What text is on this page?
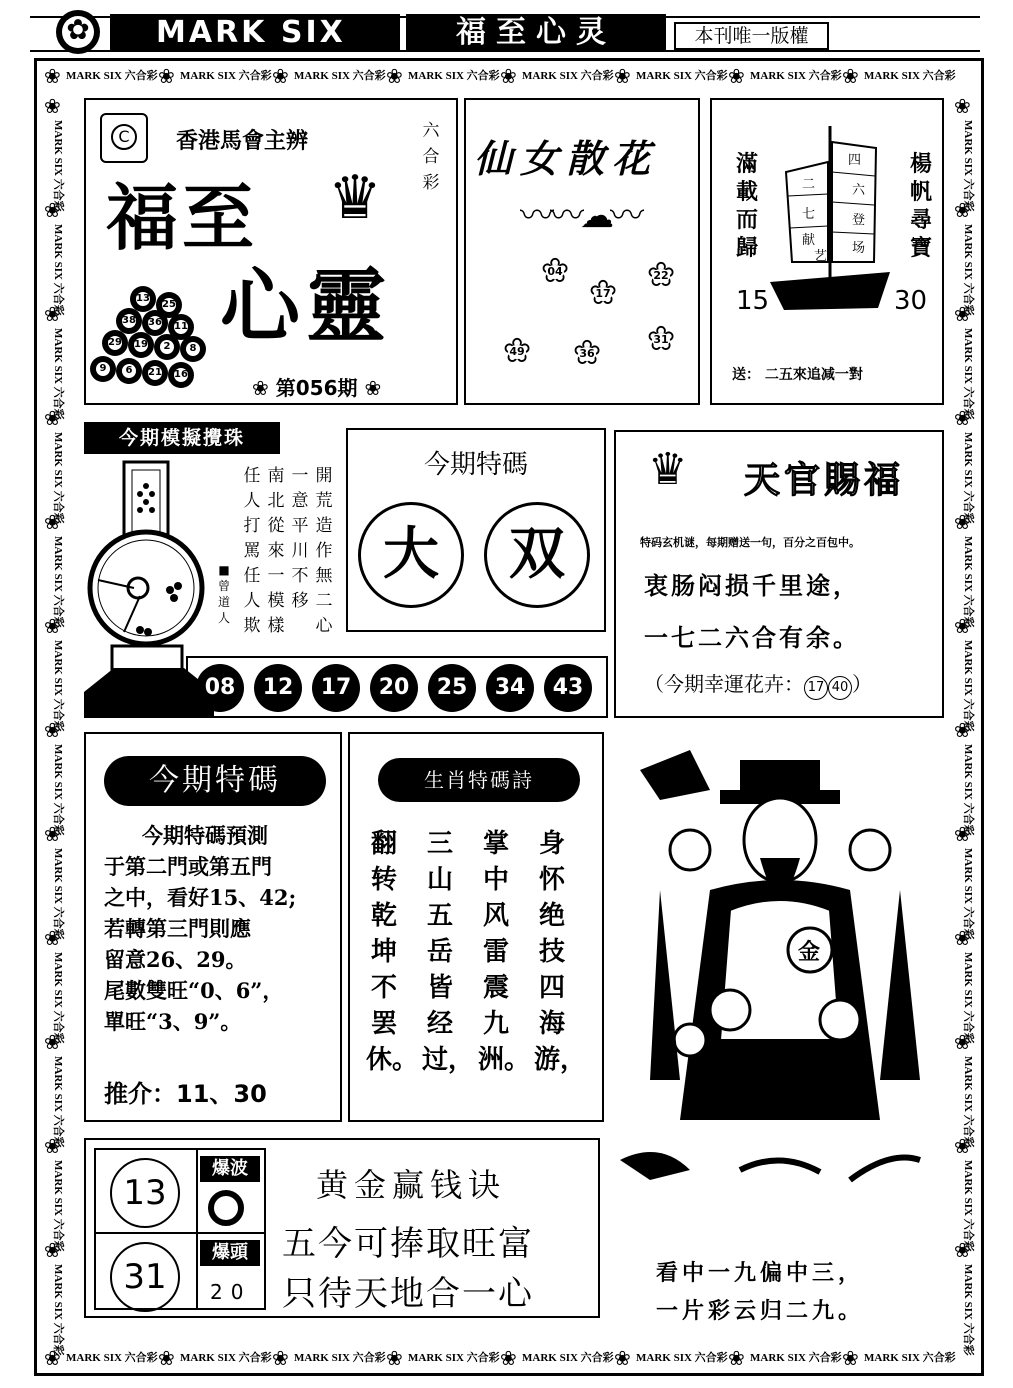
MARK SIX ✿	福至心灵	本刊唯一版權
❀ MARK SIX 六合彩
❀ MARK SIX 六合彩
❀ MARK SIX 六合彩
❀ MARK SIX 六合彩
❀ MARK SIX 六合彩
❀ MARK SIX 六合彩
❀ MARK SIX 六合彩
❀ MARK SIX 六合彩
❀ MARK SIX 六合彩
❀ MARK SIX 六合彩
❀ MARK SIX 六合彩
❀ MARK SIX 六合彩
❀ MARK SIX 六合彩
❀ MARK SIX 六合彩
❀ MARK SIX 六合彩
❀ MARK SIX 六合彩
❀
MARK SIX 六合彩
❀
MARK SIX 六合彩
❀
MARK SIX 六合彩
❀
MARK SIX 六合彩
❀
MARK SIX 六合彩
❀
MARK SIX 六合彩
❀
MARK SIX 六合彩
❀
MARK SIX 六合彩
❀
MARK SIX 六合彩
❀
MARK SIX 六合彩
❀
MARK SIX 六合彩
❀
MARK SIX 六合彩
❀
MARK SIX 六合彩
❀
MARK SIX 六合彩
❀
MARK SIX 六合彩
❀
MARK SIX 六合彩
❀
MARK SIX 六合彩
❀
MARK SIX 六合彩
❀
MARK SIX 六合彩
❀
MARK SIX 六合彩
❀
MARK SIX 六合彩
❀
MARK SIX 六合彩
❀
MARK SIX 六合彩
❀
MARK SIX 六合彩
C	香港馬會主辨	六合彩
福至 ♛
心靈
13
25
38	36	11
29	19	2	8
9	6	21	16
❀ 第056期 ❀
仙女散花
〰〰☁︎〰
❀ 04
❀ 17
❀ 22
❀ 49	❀ 36
❀ 31
滿載而歸
楊帆尋寶
四
六
登
场
二
七
献
艺
15	30
送： 二五來追减一對
今期模擬攪珠
開荒造作無二心
一意平川不移
南北從來一模樣
任人打罵任人欺
■曾道人
今期特碼
大	双
08	12	17	20	25	34	43
♛ 天官賜福
特码玄机谜，每期赠送一句，百分之百包中。
衷肠闷损千里途，
一七二六合有余。
（今期幸運花卉： 17 40 ）
今期特碼
今期特碼預測
于第二門或第五門
之中，看好15、42;
若轉第三門則應
留意26、29。
尾數雙旺“0、6”，
單旺“3、9”。
推介：11、30
生肖特碼詩
身怀绝技四海游，
掌中风雷震九洲。
三山五岳皆经过，
翻转乾坤不罢休。
金
看中一九偏中三，
一片彩云归二九。
13
31
爆波
爆頭
20
黄金赢钱诀
五今可捧取旺富
只待天地合一心
